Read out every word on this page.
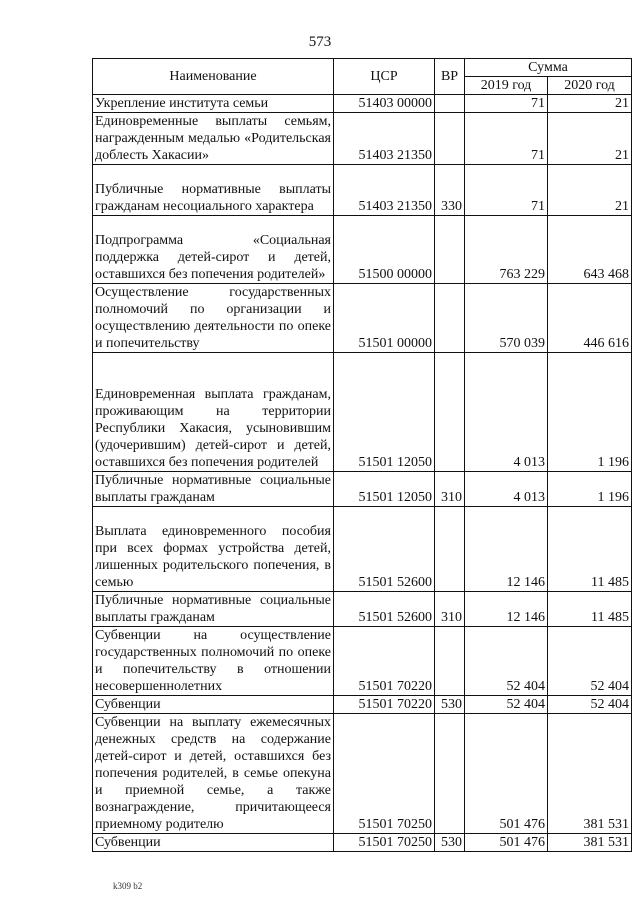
573
Наименование	ЦСР	ВР	Сумма	
			2019 год	2020 год
Укрепление института семьи	51403 00000		71	21
Единовременные выплаты семьям, награжденным медалью «Родительская доблесть Хакасии»	51403 21350		71	21
Публичные нормативные выплаты гражданам несоциального характера	51403 21350	330	71	21
Подпрограмма «Социальная поддержка детей-сирот и детей, оставшихся без попечения родителей»	51500 00000		763 229	643 468
Осуществление государственных полномочий по организации и осуществлению деятельности по опеке и попечительству	51501 00000		570 039	446 616
Единовременная выплата гражданам, проживающим на территории Республики Хакасия, усыновившим (удочерившим) детей-сирот и детей, оставшихся без попечения родителей	51501 12050		4 013	1 196
Публичные нормативные социальные выплаты гражданам	51501 12050	310	4 013	1 196
Выплата единовременного пособия при всех формах устройства детей, лишенных родительского попечения, в семью	51501 52600		12 146	11 485
Публичные нормативные социальные выплаты гражданам	51501 52600	310	12 146	11 485
Субвенции на осуществление государственных полномочий по опеке и попечительству в отношении несовершеннолетних	51501 70220		52 404	52 404
Субвенции	51501 70220	530	52 404	52 404
Субвенции на выплату ежемесячных денежных средств на содержание детей-сирот и детей, оставшихся без попечения родителей, в семье опекуна и приемной семье, а также вознаграждение, причитающееся приемному родителю	51501 70250		501 476	381 531
Субвенции	51501 70250	530	501 476	381 531
k309 b2
